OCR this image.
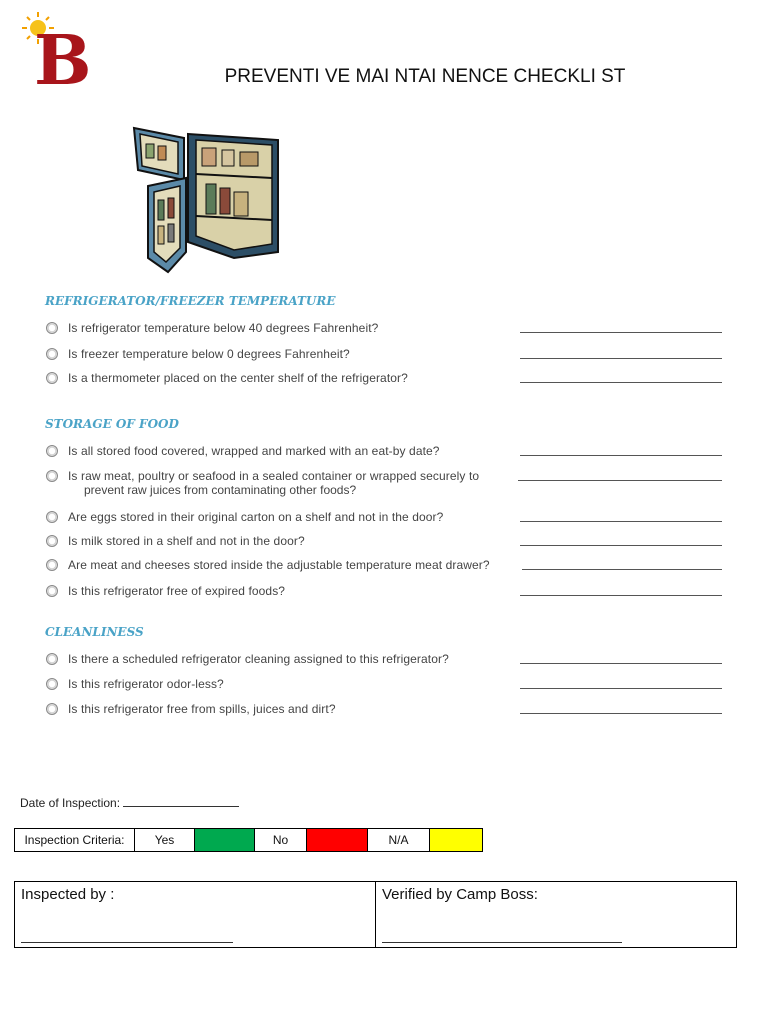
B	PREVENTI VE MAI NTAI NENCE CHECKLI ST
REFRIGERATOR/FREEZER TEMPERATURE
Is refrigerator temperature below 40 degrees Fahrenheit?
Is freezer temperature below 0 degrees Fahrenheit?
Is a thermometer placed on the center shelf of the refrigerator?
STORAGE OF FOOD
Is all stored food covered, wrapped and marked with an eat-by date?
Is raw meat, poultry or seafood in a sealed container or wrapped securely to
prevent raw juices from contaminating other foods?
Are eggs stored in their original carton on a shelf and not in the door?
Is milk stored in a shelf and not in the door?
Are meat and cheeses stored inside the adjustable temperature meat drawer?
Is this refrigerator free of expired foods?
CLEANLINESS
Is there a scheduled refrigerator cleaning assigned to this refrigerator?
Is this refrigerator odor-less?
Is this refrigerator free from spills, juices and dirt?
Date of Inspection:
Inspection Criteria:	Yes	No	N/A
Inspected by :	Verified by Camp Boss:
